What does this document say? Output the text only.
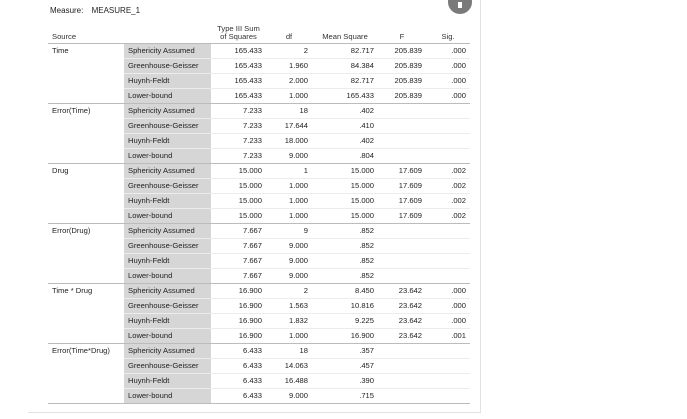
Measure: MEASURE_1
Source		Type III Sum of Squares	df	Mean Square	F	Sig.
Time	Sphericity Assumed	165.433	2	82.717	205.839	.000
	Greenhouse-Geisser	165.433	1.960	84.384	205.839	.000
	Huynh-Feldt	165.433	2.000	82.717	205.839	.000
	Lower-bound	165.433	1.000	165.433	205.839	.000
Error(Time)	Sphericity Assumed	7.233	18	.402		
	Greenhouse-Geisser	7.233	17.644	.410		
	Huynh-Feldt	7.233	18.000	.402		
	Lower-bound	7.233	9.000	.804		
Drug	Sphericity Assumed	15.000	1	15.000	17.609	.002
	Greenhouse-Geisser	15.000	1.000	15.000	17.609	.002
	Huynh-Feldt	15.000	1.000	15.000	17.609	.002
	Lower-bound	15.000	1.000	15.000	17.609	.002
Error(Drug)	Sphericity Assumed	7.667	9	.852		
	Greenhouse-Geisser	7.667	9.000	.852		
	Huynh-Feldt	7.667	9.000	.852		
	Lower-bound	7.667	9.000	.852		
Time * Drug	Sphericity Assumed	16.900	2	8.450	23.642	.000
	Greenhouse-Geisser	16.900	1.563	10.816	23.642	.000
	Huynh-Feldt	16.900	1.832	9.225	23.642	.000
	Lower-bound	16.900	1.000	16.900	23.642	.001
Error(Time*Drug)	Sphericity Assumed	6.433	18	.357		
	Greenhouse-Geisser	6.433	14.063	.457		
	Huynh-Feldt	6.433	16.488	.390		
	Lower-bound	6.433	9.000	.715		
